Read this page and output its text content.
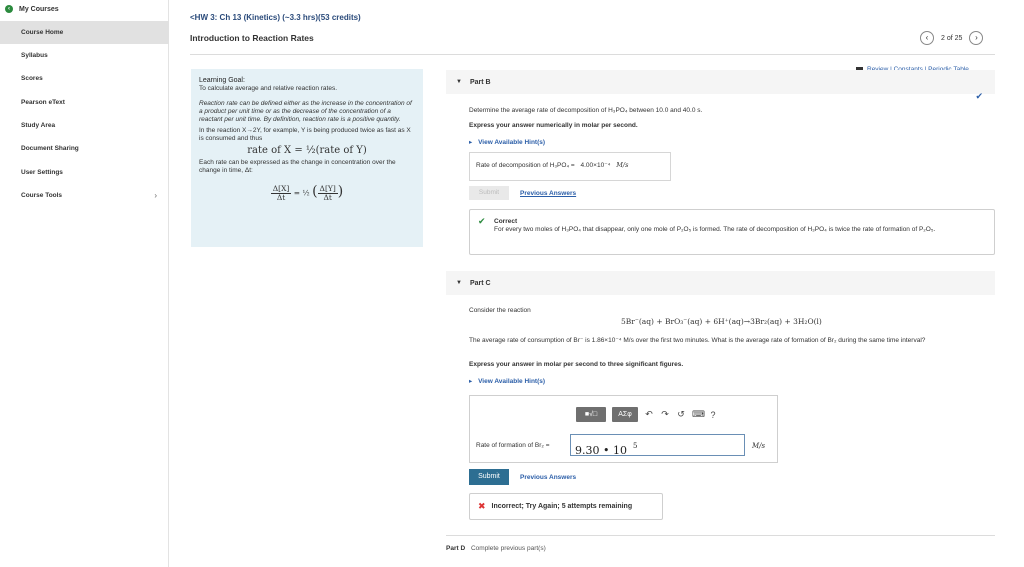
‹	My Courses
Course Home
Syllabus
Scores
Pearson eText
Study Area
Document Sharing
User Settings
Course Tools	›
<HW 3: Ch 13 (Kinetics) (~3.3 hrs)(53 credits)
Introduction to Reaction Rates	‹	2 of 25	›
Learning Goal:

To calculate average and relative reaction rates.

Reaction rate can be defined either as the increase in the concentration of a product per unit time or as the decrease of the concentration of a reactant per unit time. By definition, reaction rate is a positive quantity.

In the reaction X→2Y, for example, Y is being produced twice as fast as X is consumed and thus

rate of X = ½(rate of Y)

Each rate can be expressed as the change in concentration over the change in time, Δt:

$\frac{\Delta[X]}{\Delta t}$ = ½ ( $\frac{\Delta[Y]}{\Delta t}$ )
▼ Part B
✔
Determine the average rate of decomposition of H₃PO₄ between 10.0 and 40.0 s.
Express your answer numerically in molar per second.
▸ View Available Hint(s)
Rate of decomposition of H₃PO₄ = 4.00×10⁻⁴ M/s
Submit	Previous Answers
✔ Correct
For every two moles of H₃PO₄ that disappear, only one mole of P₂O₅ is formed. The rate of decomposition of H₃PO₄ is twice the rate of formation of P₂O₅.
▼ Part C
Consider the reaction
5Br⁻(aq) + BrO₃⁻(aq) + 6H⁺(aq)→3Br₂(aq) + 3H₂O(l)
The average rate of consumption of Br⁻ is 1.86×10⁻⁴ M/s over the first two minutes. What is the average rate of formation of Br₂ during the same time interval?
Express your answer in molar per second to three significant figures.
▸ View Available Hint(s)
■√□	ΑΣφ	↶ ↷ ↺ ⌨ ?
Rate of formation of Br₂ =	9.30 • 10 $^5$	M/s
Submit	Previous Answers
✖ Incorrect; Try Again; 5 attempts remaining
Part D Complete previous part(s)
